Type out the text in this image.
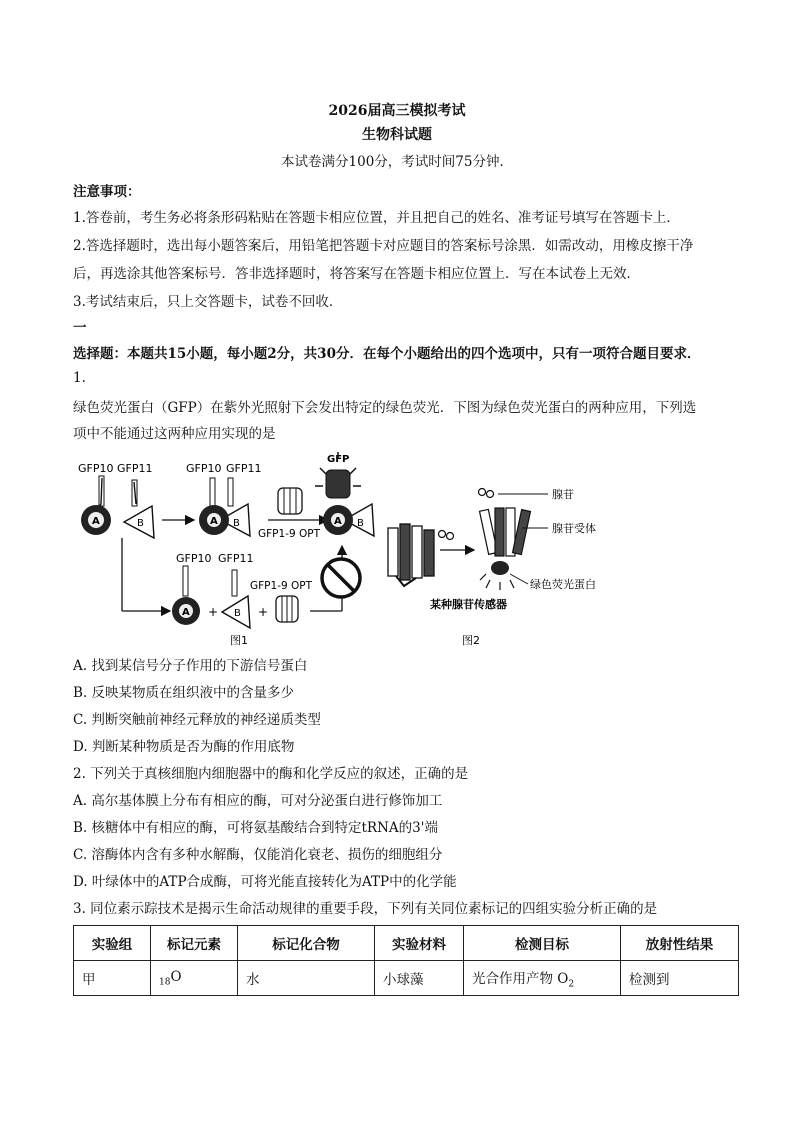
2026届高三模拟考试
生物科试题
本试卷满分100分，考试时间75分钟．
注意事项：
1.答卷前，考生务必将条形码粘贴在答题卡相应位置，并且把自己的姓名、准考证号填写在答题卡上．
2.答选择题时，选出每小题答案后，用铅笔把答题卡对应题目的答案标号涂黑．如需改动，用橡皮擦干净
后，再选涂其他答案标号．答非选择题时，将答案写在答题卡相应位置上．写在本试卷上无效．
3.考试结束后，只上交答题卡，试卷不回收．
一
选择题：本题共15小题，每小题2分，共30分．在每个小题给出的四个选项中，只有一项符合题目要求．
1.
绿色荧光蛋白（GFP）在紫外光照射下会发出特定的绿色荧光．下图为绿色荧光蛋白的两种应用，下列选
项中不能通过这两种应用实现的是
GFP10 GFP11
A	B
GFP10 GFP11
A B
GFP1-9 OPT
GFP
A B
GFP10 GFP11
A + B +
GFP1-9 OPT
图1
腺苷
腺苷受体
绿色荧光蛋白
某种腺苷传感器
图2
A. 找到某信号分子作用的下游信号蛋白
B. 反映某物质在组织液中的含量多少
C. 判断突触前神经元释放的神经递质类型
D. 判断某种物质是否为酶的作用底物
2. 下列关于真核细胞内细胞器中的酶和化学反应的叙述，正确的是
A. 高尔基体膜上分布有相应的酶，可对分泌蛋白进行修饰加工
B. 核糖体中有相应的酶，可将氨基酸结合到特定tRNA的3'端
C. 溶酶体内含有多种水解酶，仅能消化衰老、损伤的细胞组分
D. 叶绿体中的ATP合成酶，可将光能直接转化为ATP中的化学能
3. 同位素示踪技术是揭示生命活动规律的重要手段，下列有关同位素标记的四组实验分析正确的是
实验组	标记元素	标记化合物	实验材料	检测目标	放射性结果
甲	$_{18}$O	水	小球藻	光合作用产物 $O_2$	检测到
